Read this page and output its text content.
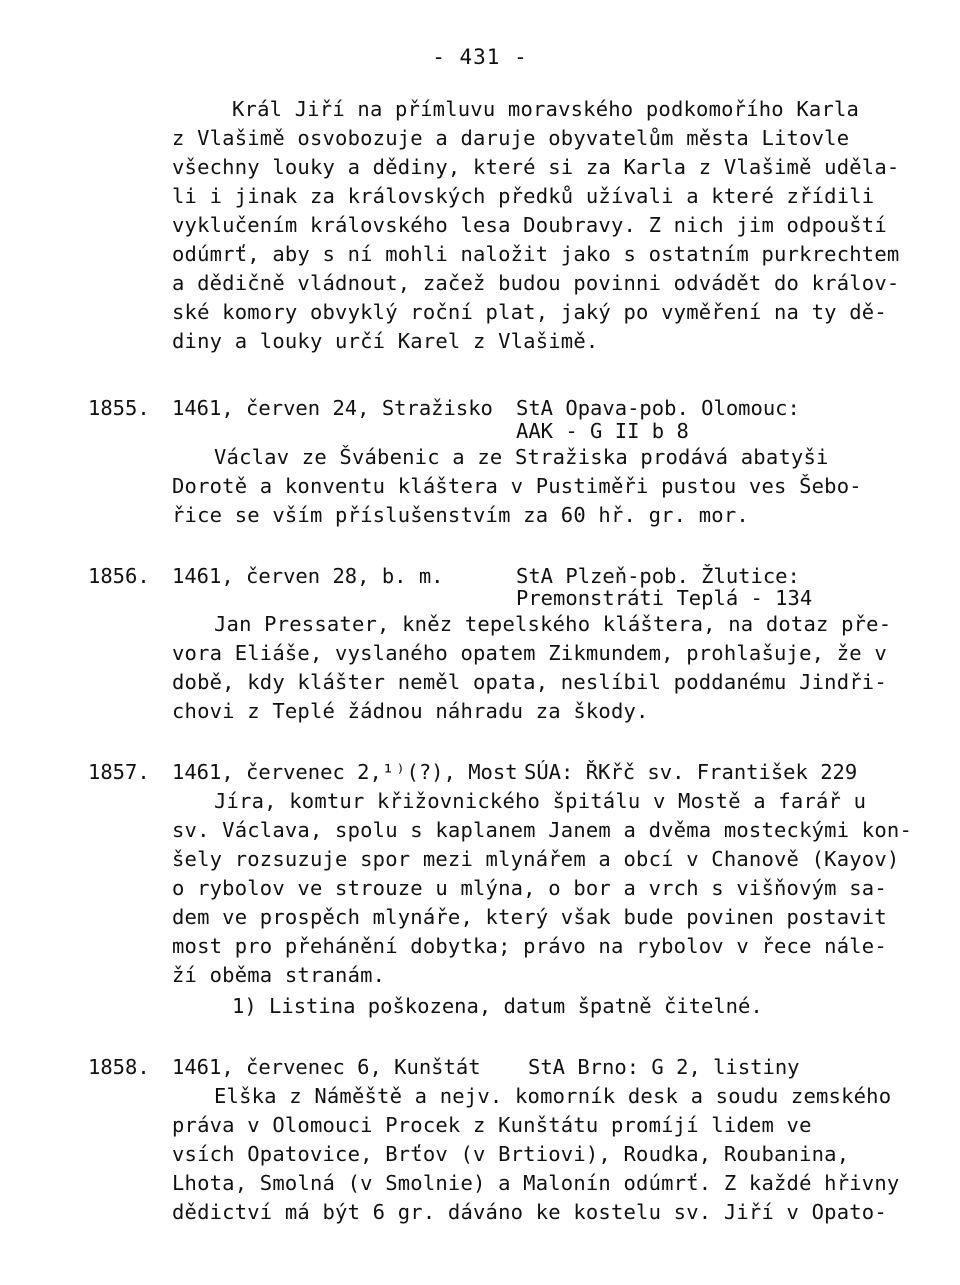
- 431 -
Král Jiří na přímluvu moravského podkomořího Karla
z Vlašimě osvobozuje a daruje obyvatelům města Litovle
všechny louky a dědiny, které si za Karla z Vlašimě uděla-
li i jinak za královských předků užívali a které zřídili
vyklučením královského lesa Doubravy. Z nich jim odpouští
odúmrť, aby s ní mohli naložit jako s ostatním purkrechtem
a dědičně vládnout, začež budou povinni odvádět do králov-
ské komory obvyklý roční plat, jaký po vyměření na ty dě-
diny a louky určí Karel z Vlašimě.
1855. 1461, červen 24, Stražisko StA Opava-pob. Olomouc:
AAK - G II b 8
Václav ze Švábenic a ze Stražiska prodává abatyši
Dorotě a konventu kláštera v Pustiměři pustou ves Šebo-
řice se vším příslušenstvím za 60 hř. gr. mor.
1856. 1461, červen 28, b. m.	StA Plzeň-pob. Žlutice:
Premonstráti Teplá - 134
Jan Pressater, kněz tepelského kláštera, na dotaz pře-
vora Eliáše, vyslaného opatem Zikmundem, prohlašuje, že v
době, kdy klášter neměl opata, neslíbil poddanému Jindři-
chovi z Teplé žádnou náhradu za škody.
1857. 1461, červenec 2,¹⁾(?), Most SÚA: ŘKřč sv. František 229
Jíra, komtur křižovnického špitálu v Mostě a farář u
sv. Václava, spolu s kaplanem Janem a dvěma mosteckými kon-
šely rozsuzuje spor mezi mlynářem a obcí v Chanově (Kayov)
o rybolov ve strouze u mlýna, o bor a vrch s višňovým sa-
dem ve prospěch mlynáře, který však bude povinen postavit
most pro přehánění dobytka; právo na rybolov v řece nále-
ží oběma stranám.
1) Listina poškozena, datum špatně čitelné.
1858. 1461, červenec 6, Kunštát StA Brno: G 2, listiny
Elška z Náměště a nejv. komorník desk a soudu zemského
práva v Olomouci Procek z Kunštátu promíjí lidem ve
vsích Opatovice, Brťov (v Brtiovi), Roudka, Roubanina,
Lhota, Smolná (v Smolnie) a Malonín odúmrť. Z každé hřivny
dědictví má být 6 gr. dáváno ke kostelu sv. Jiří v Opato-
